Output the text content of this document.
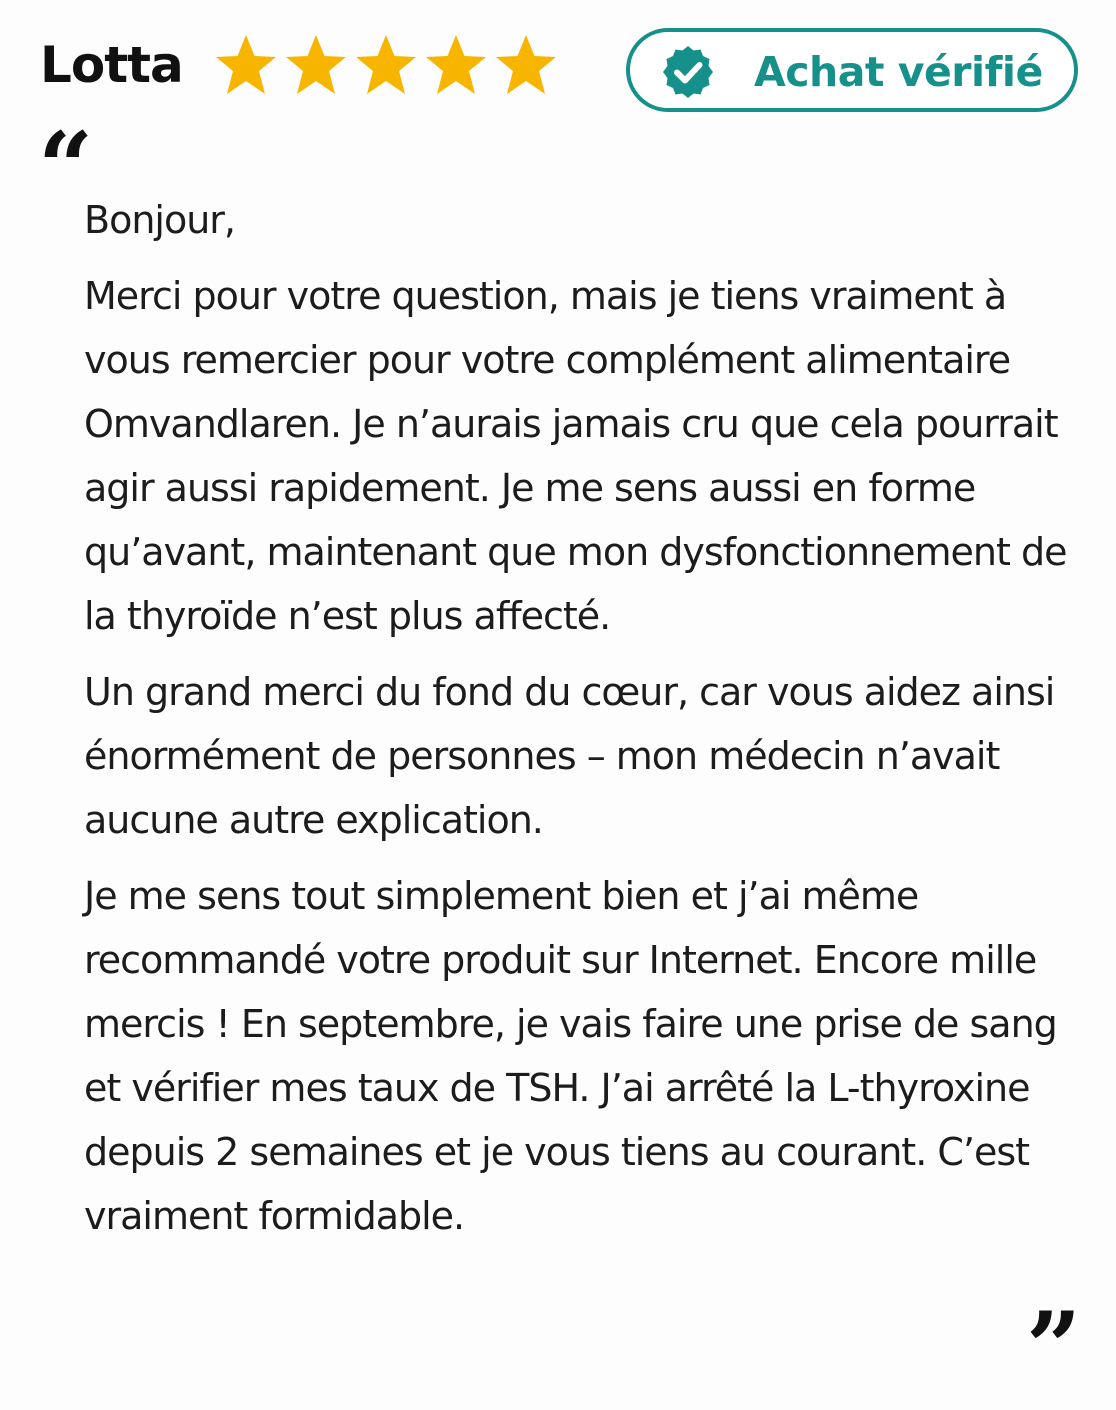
Lotta	Achat vérifié
“

Bonjour,

Merci pour votre question, mais je tiens vraiment à vous remercier pour votre complément alimentaire Omvandlaren. Je n’aurais jamais cru que cela pourrait agir aussi rapidement. Je me sens aussi en forme qu’avant, maintenant que mon dysfonctionnement de la thyroïde n’est plus affecté.

Un grand merci du fond du cœur, car vous aidez ainsi énormément de personnes – mon médecin n’avait aucune autre explication.

Je me sens tout simplement bien et j’ai même recommandé votre produit sur Internet. Encore mille mercis ! En septembre, je vais faire une prise de sang et vérifier mes taux de TSH. J’ai arrêté la L-thyroxine depuis 2 semaines et je vous tiens au courant. C’est vraiment formidable.

”
